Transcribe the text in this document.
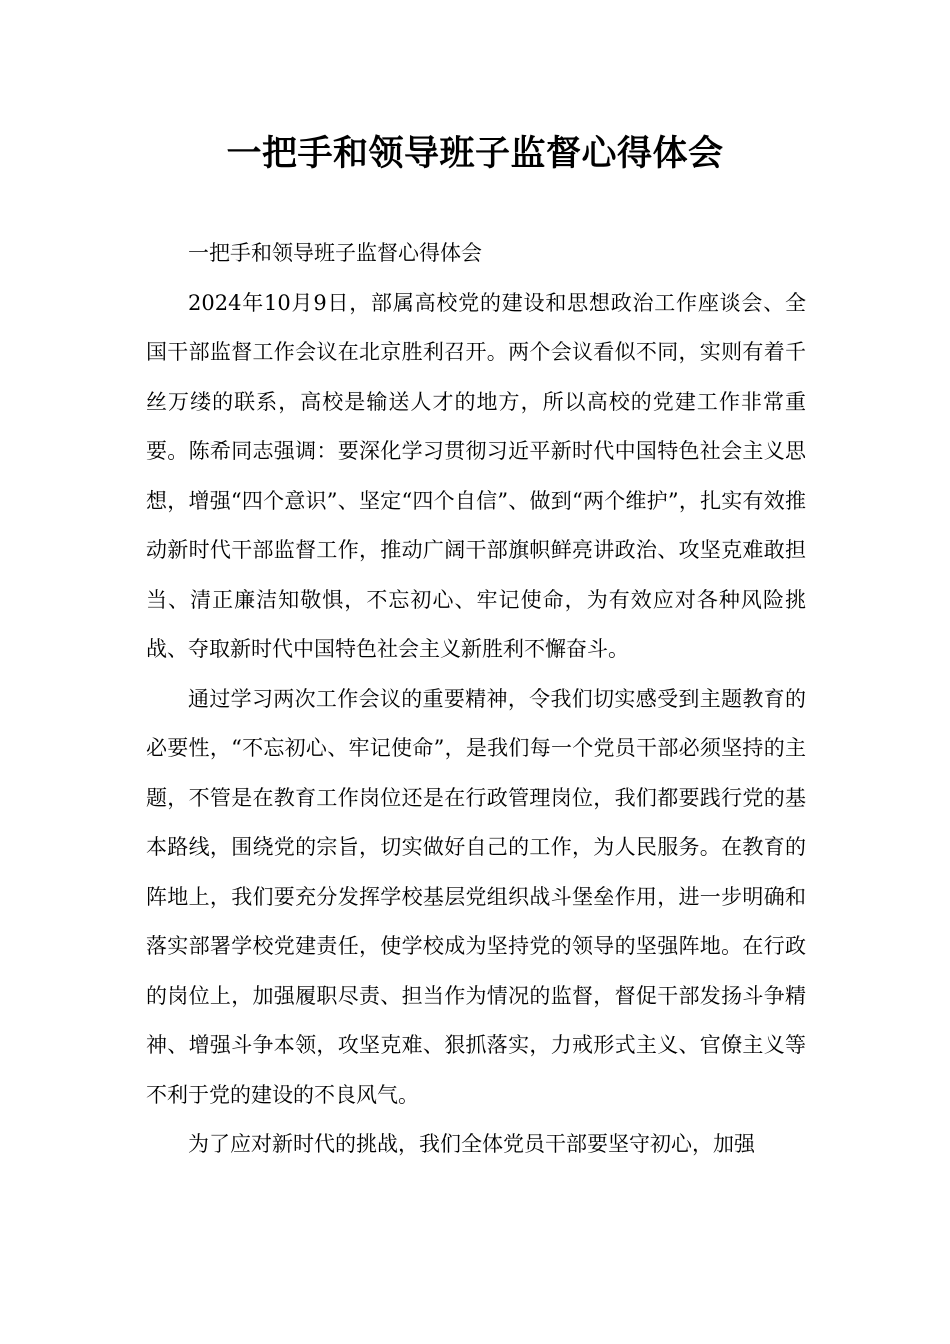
一把手和领导班子监督心得体会

一把手和领导班子监督心得体会

2024年10月9日，部属高校党的建设和思想政治工作座谈会、全国干部监督工作会议在北京胜利召开。两个会议看似不同，实则有着千丝万缕的联系，高校是输送人才的地方，所以高校的党建工作非常重要。陈希同志强调：要深化学习贯彻习近平新时代中国特色社会主义思想，增强“四个意识”、坚定“四个自信”、做到“两个维护”，扎实有效推动新时代干部监督工作，推动广阔干部旗帜鲜亮讲政治、攻坚克难敢担当、清正廉洁知敬惧，不忘初心、牢记使命，为有效应对各种风险挑战、夺取新时代中国特色社会主义新胜利不懈奋斗。

通过学习两次工作会议的重要精神，令我们切实感受到主题教育的必要性，“不忘初心、牢记使命”，是我们每一个党员干部必须坚持的主题，不管是在教育工作岗位还是在行政管理岗位，我们都要践行党的基本路线，围绕党的宗旨，切实做好自己的工作，为人民服务。在教育的阵地上，我们要充分发挥学校基层党组织战斗堡垒作用，进一步明确和落实部署学校党建责任，使学校成为坚持党的领导的坚强阵地。在行政的岗位上，加强履职尽责、担当作为情况的监督，督促干部发扬斗争精神、增强斗争本领，攻坚克难、狠抓落实，力戒形式主义、官僚主义等不利于党的建设的不良风气。

为了应对新时代的挑战，我们全体党员干部要坚守初心，加强
